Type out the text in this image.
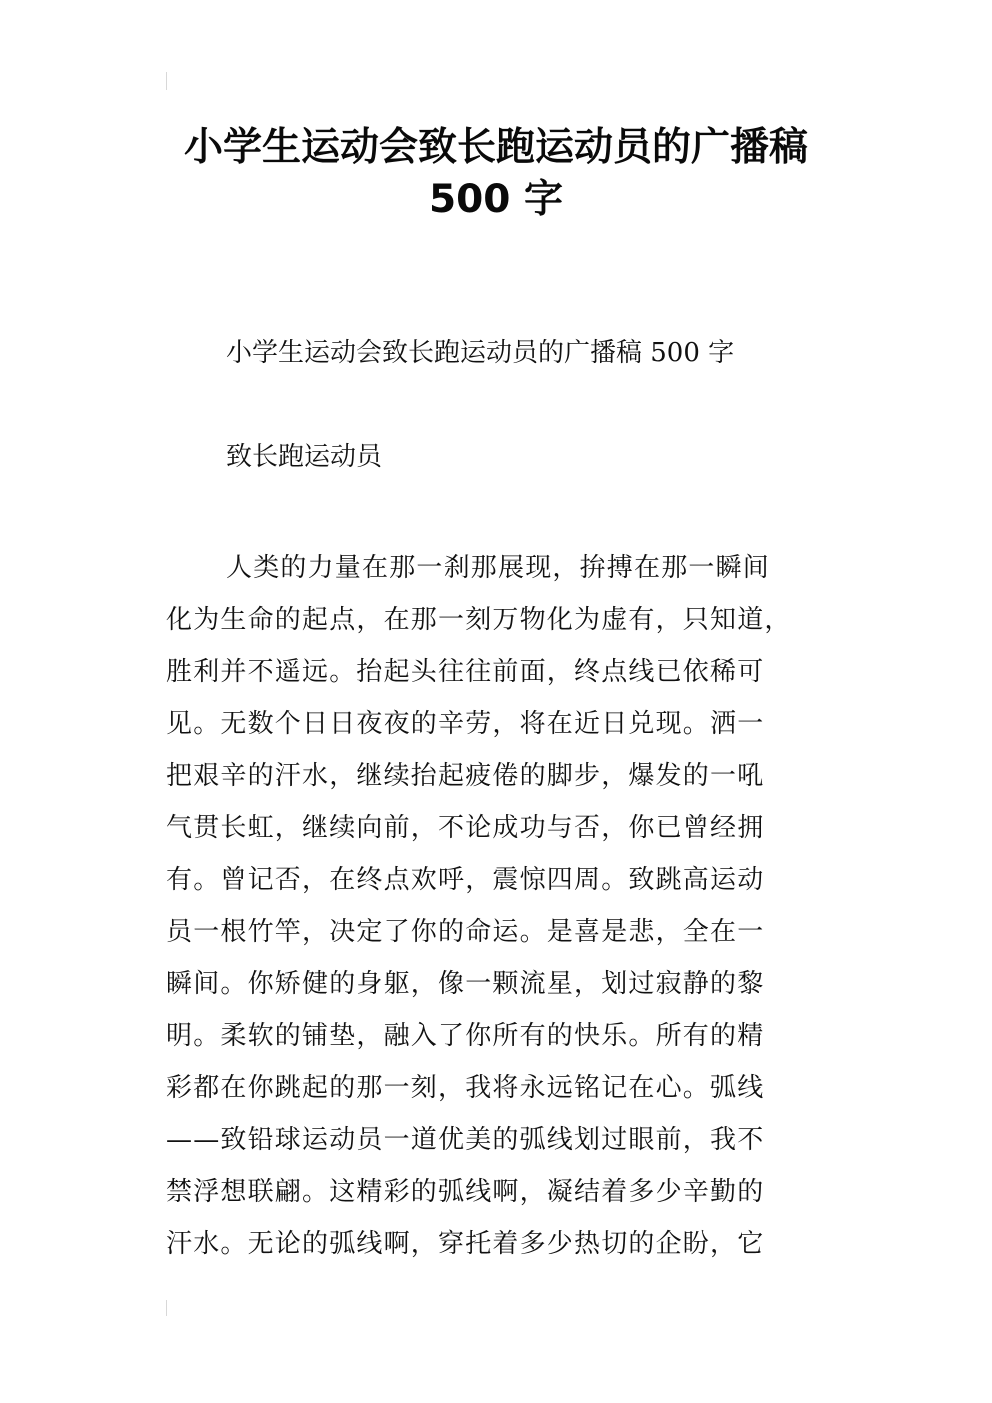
小学生运动会致长跑运动员的广播稿
500 字
小学生运动会致长跑运动员的广播稿 500 字
致长跑运动员
人类的力量在那一刹那展现，拚搏在那一瞬间
化为生命的起点，在那一刻万物化为虚有，只知道，
胜利并不遥远。抬起头往往前面，终点线已依稀可
见。无数个日日夜夜的辛劳，将在近日兑现。洒一
把艰辛的汗水，继续抬起疲倦的脚步，爆发的一吼
气贯长虹，继续向前，不论成功与否，你已曾经拥
有。曾记否，在终点欢呼，震惊四周。致跳高运动
员一根竹竿，决定了你的命运。是喜是悲，全在一
瞬间。你矫健的身躯，像一颗流星，划过寂静的黎
明。柔软的铺垫，融入了你所有的快乐。所有的精
彩都在你跳起的那一刻，我将永远铭记在心。弧线
——致铅球运动员一道优美的弧线划过眼前，我不
禁浮想联翩。这精彩的弧线啊，凝结着多少辛勤的
汗水。无论的弧线啊，穿托着多少热切的企盼，它
